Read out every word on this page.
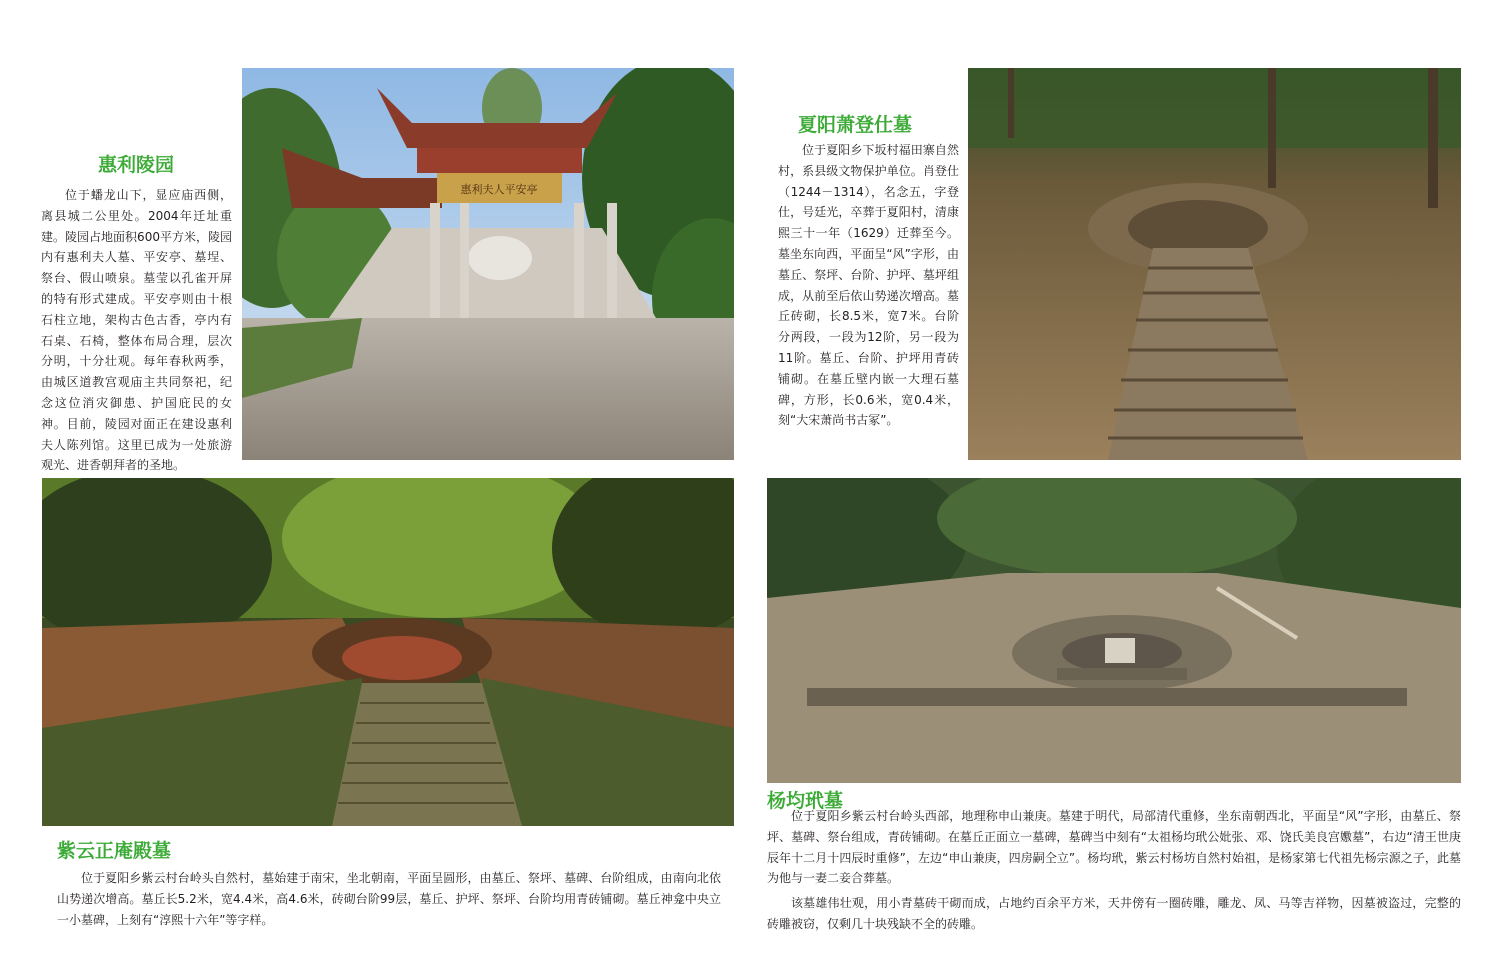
惠利夫人平安亭
惠利陵园

位于蟠龙山下，显应庙西侧，离县城二公里处。2004年迁址重建。陵园占地面积600平方米，陵园内有惠利夫人墓、平安亭、墓埕、祭台、假山喷泉。墓莹以孔雀开屏的特有形式建成。平安亭则由十根石柱立地，架构古色古香，亭内有石桌、石椅，整体布局合理，层次分明，十分壮观。每年春秋两季，由城区道教宫观庙主共同祭祀，纪念这位消灾御患、护国庇民的女神。目前，陵园对面正在建设惠利夫人陈列馆。这里已成为一处旅游观光、进香朝拜者的圣地。

夏阳萧登仕墓

位于夏阳乡下坂村福田寨自然村，系县级文物保护单位。肖登仕（1244－1314），名念五，字登仕，号廷光，卒葬于夏阳村，清康熙三十一年（1629）迁葬至今。墓坐东向西，平面呈“风”字形，由墓丘、祭坪、台阶、护坪、墓坪组成，从前至后依山势递次增高。墓丘砖砌，长8.5米，宽7米。台阶分两段，一段为12阶，另一段为11阶。墓丘、台阶、护坪用青砖铺砌。在墓丘壁内嵌一大理石墓碑，方形，长0.6米，宽0.4米，刻“大宋萧尚书古冢”。

紫云正庵殿墓

位于夏阳乡紫云村台岭头自然村，墓始建于南宋，坐北朝南，平面呈圆形，由墓丘、祭坪、墓碑、台阶组成，由南向北依山势递次增高。墓丘长5.2米，宽4.4米，高4.6米，砖砌台阶99层，墓丘、护坪、祭坪、台阶均用青砖铺砌。墓丘神龛中央立一小墓碑，上刻有“淳熙十六年”等字样。

杨均玳墓

位于夏阳乡紫云村台岭头西部，地理称申山兼庚。墓建于明代，局部清代重修，坐东南朝西北，平面呈“风”字形，由墓丘、祭坪、墓碑、祭台组成，青砖铺砌。在墓丘正面立一墓碑，墓碑当中刻有“太祖杨均玳公妣张、邓、饶氏美良宫嫐墓”，右边“清王世庚辰年十二月十四辰时重修”，左边“申山兼庚，四房嗣仝立”。杨均玳，紫云村杨坊自然村始祖，是杨家第七代祖先杨宗源之子，此墓为他与一妻二妾合葬墓。

该墓雄伟壮观，用小青墓砖干砌而成，占地约百余平方米，天井傍有一圈砖雕，雕龙、凤、马等吉祥物，因墓被盗过，完整的砖雕被窃，仅剩几十块残缺不全的砖雕。
